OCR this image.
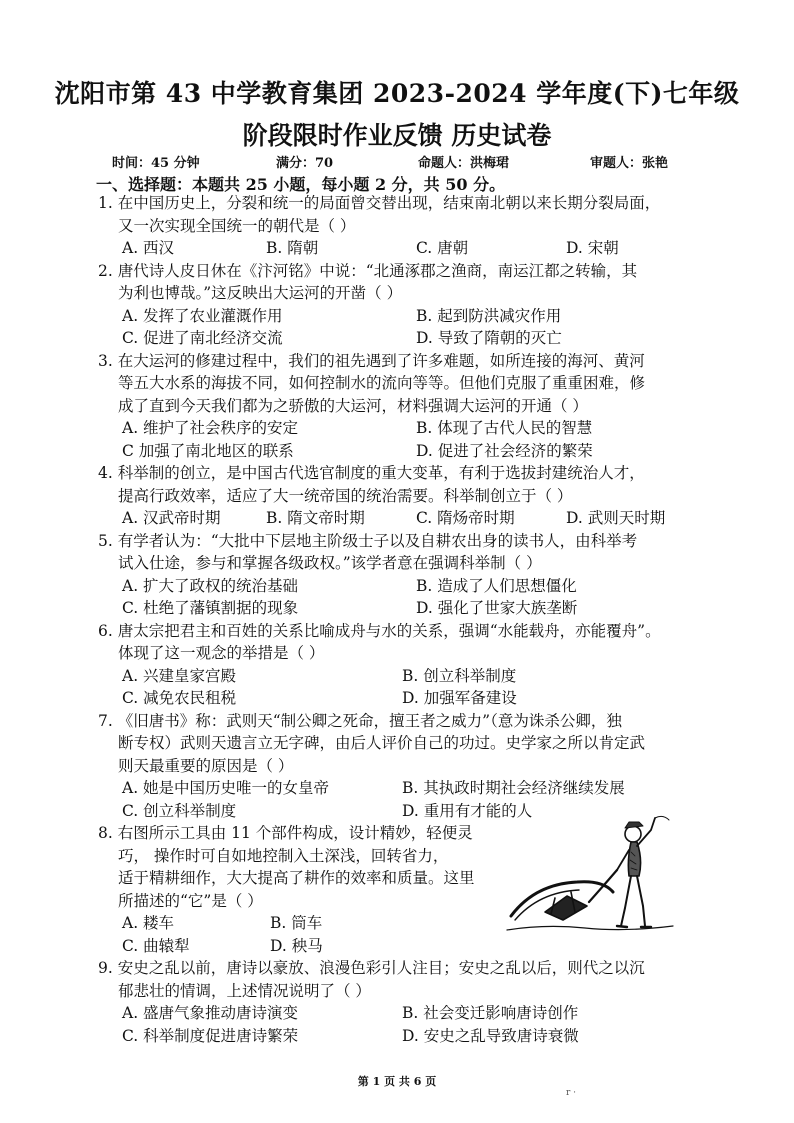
沈阳市第 43 中学教育集团 2023-2024 学年度(下)七年级
阶段限时作业反馈 历史试卷
时间：45 分钟	满分：70	命题人：洪梅珺	审题人：张艳
一、选择题：本题共 25 小题，每小题 2 分，共 50 分。
1. 在中国历史上，分裂和统一的局面曾交替出现，结束南北朝以来长期分裂局面，
又一次实现全国统一的朝代是（ ）
A. 西汉	B. 隋朝	C. 唐朝	D. 宋朝
2. 唐代诗人皮日休在《汴河铭》中说：“北通涿郡之渔商，南运江都之转输，其
为利也博哉。”这反映出大运河的开凿（ ）
A. 发挥了农业灌溉作用	B. 起到防洪减灾作用
C. 促进了南北经济交流	D. 导致了隋朝的灭亡
3. 在大运河的修建过程中，我们的祖先遇到了许多难题，如所连接的海河、黄河
等五大水系的海拔不同，如何控制水的流向等等。但他们克服了重重困难，修
成了直到今天我们都为之骄傲的大运河，材料强调大运河的开通（ ）
A. 维护了社会秩序的安定	B. 体现了古代人民的智慧
C 加强了南北地区的联系	D. 促进了社会经济的繁荣
4. 科举制的创立，是中国古代选官制度的重大变革，有利于选拔封建统治人才，
提高行政效率，适应了大一统帝国的统治需要。科举制创立于（ ）
A. 汉武帝时期	B. 隋文帝时期	C. 隋炀帝时期	D. 武则天时期
5. 有学者认为：“大批中下层地主阶级士子以及自耕农出身的读书人，由科举考
试入仕途，参与和掌握各级政权。”该学者意在强调科举制（ ）
A. 扩大了政权的统治基础	B. 造成了人们思想僵化
C. 杜绝了藩镇割据的现象	D. 强化了世家大族垄断
6. 唐太宗把君主和百姓的关系比喻成舟与水的关系，强调“水能载舟，亦能覆舟”。
体现了这一观念的举措是（ ）
A. 兴建皇家宫殿	B. 创立科举制度
C. 减免农民租税	D. 加强军备建设
7. 《旧唐书》称：武则天“制公卿之死命，擅王者之威力”（意为诛杀公卿，独
断专权）武则天遗言立无字碑，由后人评价自己的功过。史学家之所以肯定武
则天最重要的原因是（ ）
A. 她是中国历史唯一的女皇帝	B. 其执政时期社会经济继续发展
C. 创立科举制度	D. 重用有才能的人
8. 右图所示工具由 11 个部件构成，设计精妙，轻便灵
巧， 操作时可自如地控制入土深浅，回转省力，
适于精耕细作，大大提高了耕作的效率和质量。这里
所描述的“它”是（ ）
A. 耧车	B. 筒车
C. 曲辕犁	D. 秧马
9. 安史之乱以前，唐诗以豪放、浪漫色彩引人注目；安史之乱以后，则代之以沉
郁悲壮的情调，上述情况说明了（ ）
A. 盛唐气象推动唐诗演变	B. 社会变迁影响唐诗创作
C. 科举制度促进唐诗繁荣	D. 安史之乱导致唐诗衰微
第 1 页 共 6 页
r ·
